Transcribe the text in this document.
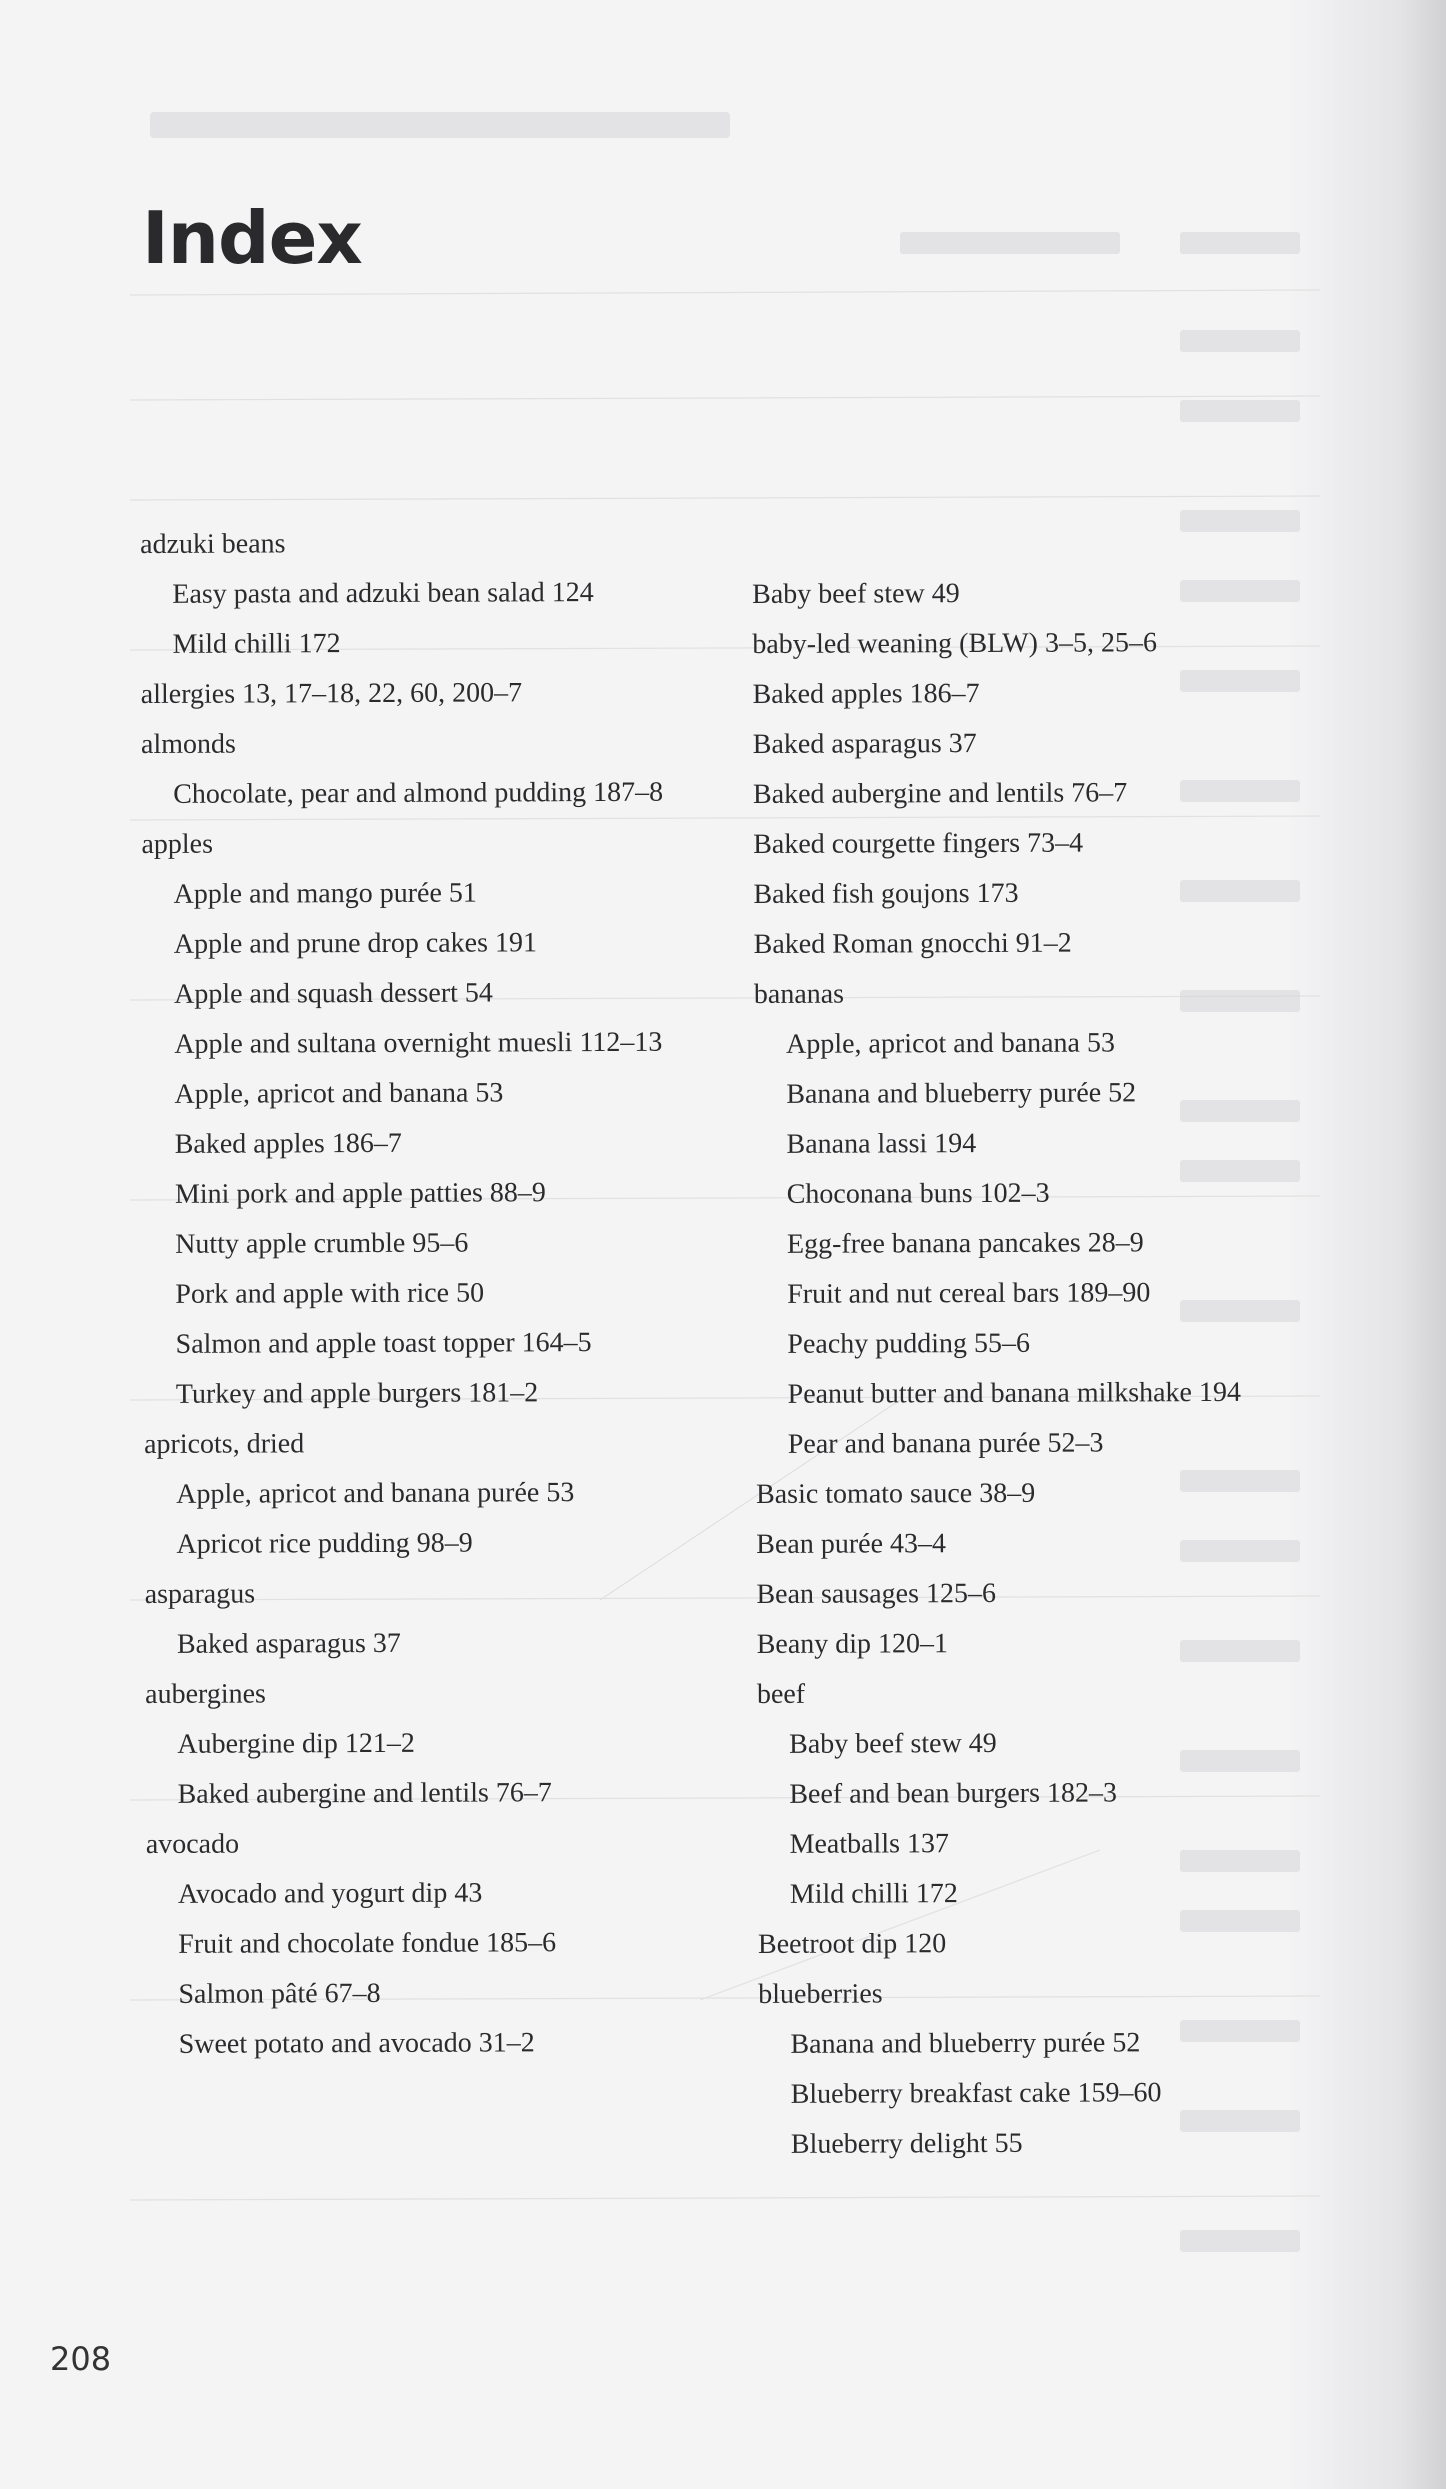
Index
adzuki beans
Easy pasta and adzuki bean salad 124
Mild chilli 172
allergies 13, 17–18, 22, 60, 200–7
almonds
Chocolate, pear and almond pudding 187–8
apples
Apple and mango purée 51
Apple and prune drop cakes 191
Apple and squash dessert 54
Apple and sultana overnight muesli 112–13
Apple, apricot and banana 53
Baked apples 186–7
Mini pork and apple patties 88–9
Nutty apple crumble 95–6
Pork and apple with rice 50
Salmon and apple toast topper 164–5
Turkey and apple burgers 181–2
apricots, dried
Apple, apricot and banana purée 53
Apricot rice pudding 98–9
asparagus
Baked asparagus 37
aubergines
Aubergine dip 121–2
Baked aubergine and lentils 76–7
avocado
Avocado and yogurt dip 43
Fruit and chocolate fondue 185–6
Salmon pâté 67–8
Sweet potato and avocado 31–2
Baby beef stew 49
baby-led weaning (BLW) 3–5, 25–6
Baked apples 186–7
Baked asparagus 37
Baked aubergine and lentils 76–7
Baked courgette fingers 73–4
Baked fish goujons 173
Baked Roman gnocchi 91–2
bananas
Apple, apricot and banana 53
Banana and blueberry purée 52
Banana lassi 194
Choconana buns 102–3
Egg-free banana pancakes 28–9
Fruit and nut cereal bars 189–90
Peachy pudding 55–6
Peanut butter and banana milkshake 194
Pear and banana purée 52–3
Basic tomato sauce 38–9
Bean purée 43–4
Bean sausages 125–6
Beany dip 120–1
beef
Baby beef stew 49
Beef and bean burgers 182–3
Meatballs 137
Mild chilli 172
Beetroot dip 120
blueberries
Banana and blueberry purée 52
Blueberry breakfast cake 159–60
Blueberry delight 55
208
